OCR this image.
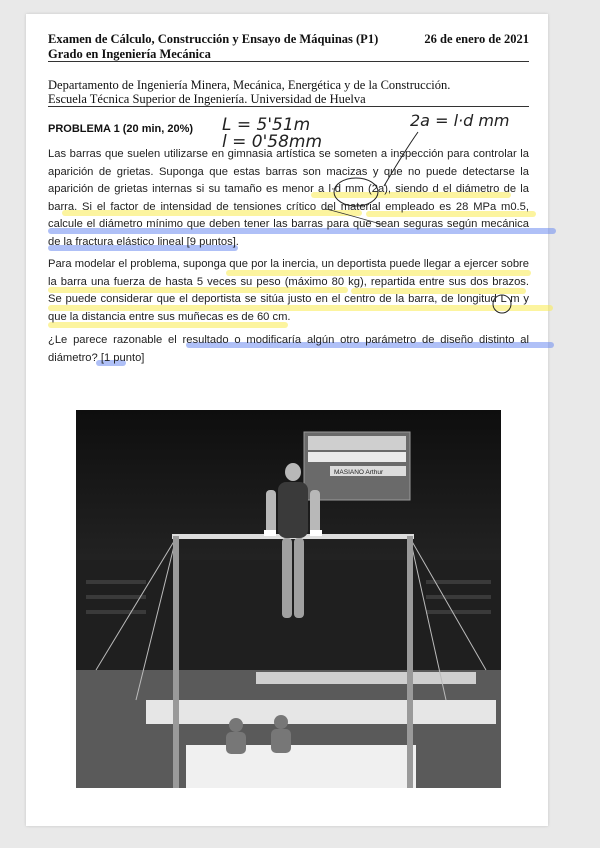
Examen de Cálculo, Construcción y Ensayo de Máquinas (P1)	26 de enero de 2021
Grado en Ingeniería Mecánica
Departamento de Ingeniería Minera, Mecánica, Energética y de la Construcción.
Escuela Técnica Superior de Ingeniería. Universidad de Huelva
PROBLEMA 1 (20 min, 20%)
Las barras que suelen utilizarse en gimnasia artística se someten a inspección para controlar la aparición de grietas. Suponga que estas barras son macizas y que no puede detectarse la aparición de grietas internas si su tamaño es menor a l·d mm (2a), siendo d el diámetro de la barra. Si el factor de intensidad de tensiones crítico del material empleado es 28 MPa m0.5, calcule el diámetro mínimo que deben tener las barras para que sean seguras según mecánica de la fractura elástico lineal [9 puntos].
Para modelar el problema, suponga que por la inercia, un deportista puede llegar a ejercer sobre la barra una fuerza de hasta 5 veces su peso (máximo 80 kg), repartida entre sus dos brazos. Se puede considerar que el deportista se sitúa justo en el centro de la barra, de longitud L m y que la distancia entre sus muñecas es de 60 cm.
¿Le parece razonable el resultado o modificaría algún otro parámetro de diseño distinto al diámetro? [1 punto]
L = 5'51m
l = 0'58mm
2a = l·d mm
MASIANO Arthur
